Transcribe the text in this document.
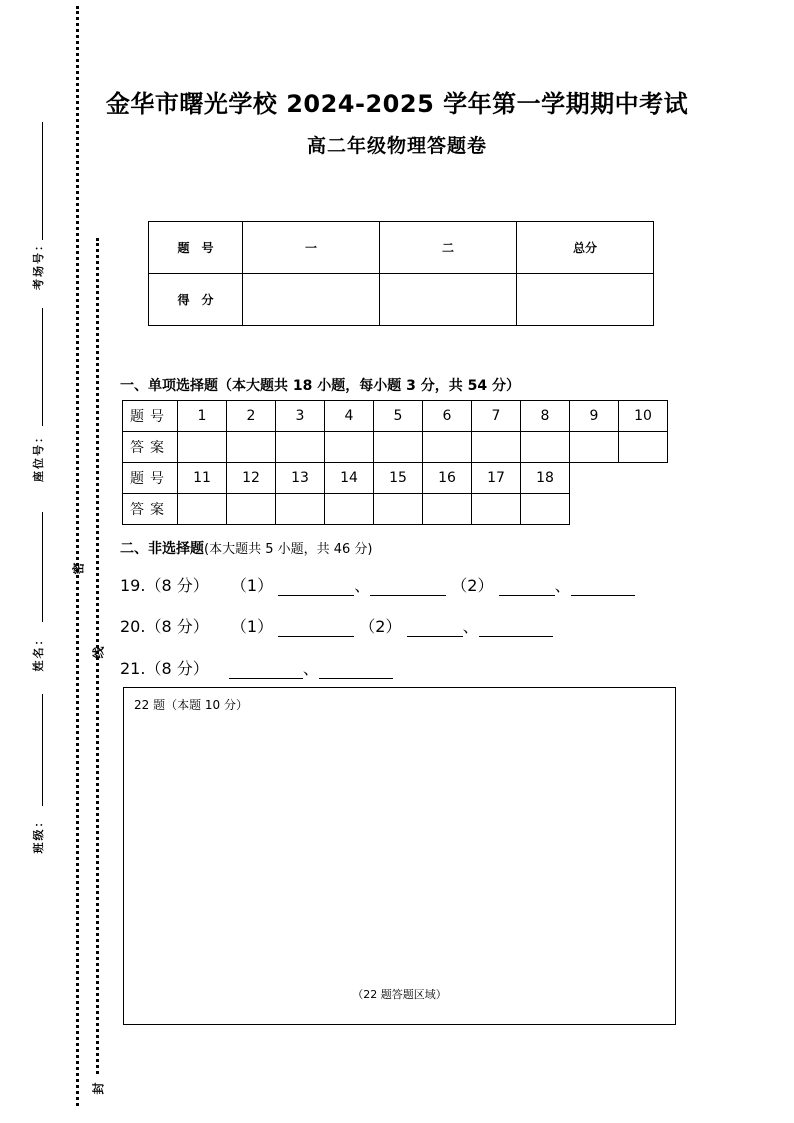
考场号：
座位号：
姓名：
班级：
密
线
封
金华市曙光学校 2024-2025 学年第一学期期中考试
高二年级物理答题卷
题　号	一	二	总分
得　分			
一、单项选择题（本大题共 18 小题，每小题 3 分，共 54 分）
题号	1	2	3	4	5	6	7	8	9	10
答案										
题号	11	12	13	14	15	16	17	18		
答案										
二、非选择题(本大题共 5 小题，共 46 分)
19.（8 分） （1）	、	（2）	、
20.（8 分） （1）	（2）	、
21.（8 分）	、
22 题（本题 10 分）
（22 题答题区域）
